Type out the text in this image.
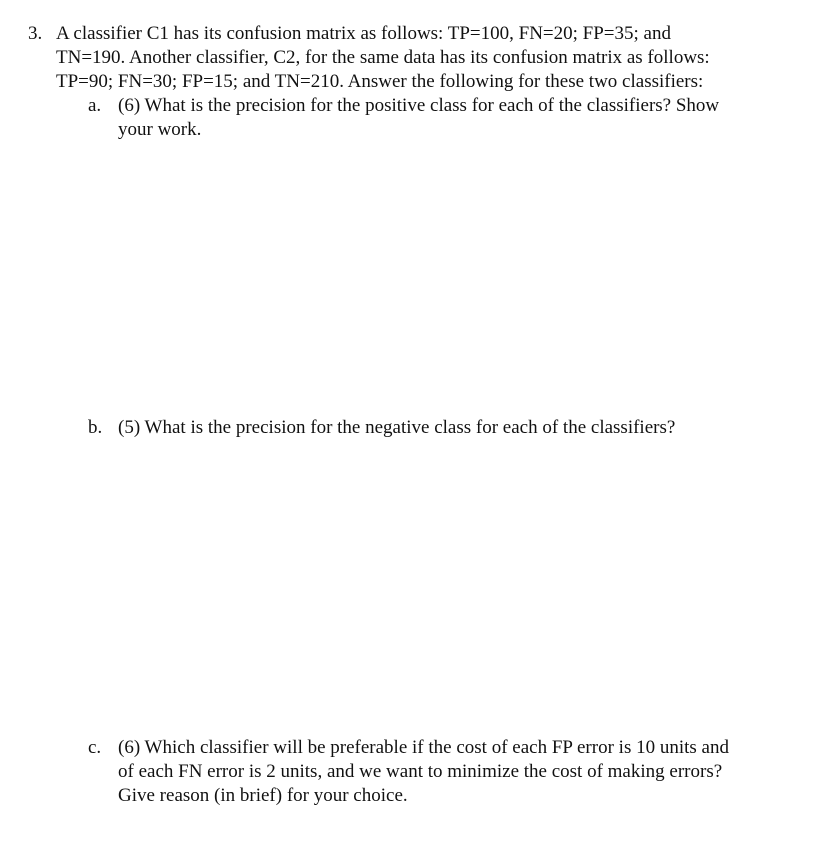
3. A classifier C1 has its confusion matrix as follows: TP=100, FN=20; FP=35; and
TN=190. Another classifier, C2, for the same data has its confusion matrix as follows:
TP=90; FN=30; FP=15; and TN=210. Answer the following for these two classifiers:
a. (6) What is the precision for the positive class for each of the classifiers? Show
your work.
b. (5) What is the precision for the negative class for each of the classifiers?
c. (6) Which classifier will be preferable if the cost of each FP error is 10 units and
of each FN error is 2 units, and we want to minimize the cost of making errors?
Give reason (in brief) for your choice.
